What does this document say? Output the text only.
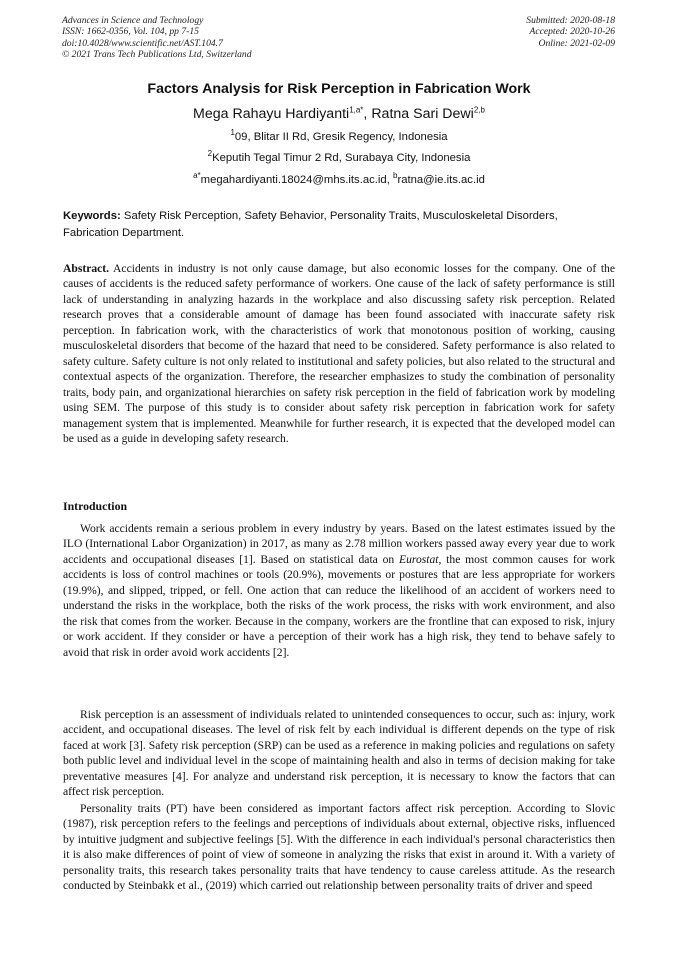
Advances in Science and Technology
ISSN: 1662-0356, Vol. 104, pp 7-15
doi:10.4028/www.scientific.net/AST.104.7
© 2021 Trans Tech Publications Ltd, Switzerland
Submitted: 2020-08-18
Accepted: 2020-10-26
Online: 2021-02-09
Factors Analysis for Risk Perception in Fabrication Work
Mega Rahayu Hardiyanti$^{1,a*}$, Ratna Sari Dewi$^{2,b}$
$^1$09, Blitar II Rd, Gresik Regency, Indonesia
$^2$Keputih Tegal Timur 2 Rd, Surabaya City, Indonesia
$^{a*}$megahardiyanti.18024@mhs.its.ac.id, $^b$ratna@ie.its.ac.id
Keywords: Safety Risk Perception, Safety Behavior, Personality Traits, Musculoskeletal Disorders, Fabrication Department.
Abstract. Accidents in industry is not only cause damage, but also economic losses for the company. One of the causes of accidents is the reduced safety performance of workers. One cause of the lack of safety performance is still lack of understanding in analyzing hazards in the workplace and also discussing safety risk perception. Related research proves that a considerable amount of damage has been found associated with inaccurate safety risk perception. In fabrication work, with the characteristics of work that monotonous position of working, causing musculoskeletal disorders that become of the hazard that need to be considered. Safety performance is also related to safety culture. Safety culture is not only related to institutional and safety policies, but also related to the structural and contextual aspects of the organization. Therefore, the researcher emphasizes to study the combination of personality traits, body pain, and organizational hierarchies on safety risk perception in the field of fabrication work by modeling using SEM. The purpose of this study is to consider about safety risk perception in fabrication work for safety management system that is implemented. Meanwhile for further research, it is expected that the developed model can be used as a guide in developing safety research.
Introduction
Work accidents remain a serious problem in every industry by years. Based on the latest estimates issued by the ILO (International Labor Organization) in 2017, as many as 2.78 million workers passed away every year due to work accidents and occupational diseases [1]. Based on statistical data on Eurostat, the most common causes for work accidents is loss of control machines or tools (20.9%), movements or postures that are less appropriate for workers (19.9%), and slipped, tripped, or fell. One action that can reduce the likelihood of an accident of workers need to understand the risks in the workplace, both the risks of the work process, the risks with work environment, and also the risk that comes from the worker. Because in the company, workers are the frontline that can exposed to risk, injury or work accident. If they consider or have a perception of their work has a high risk, they tend to behave safely to avoid that risk in order avoid work accidents [2].
Risk perception is an assessment of individuals related to unintended consequences to occur, such as: injury, work accident, and occupational diseases. The level of risk felt by each individual is different depends on the type of risk faced at work [3]. Safety risk perception (SRP) can be used as a reference in making policies and regulations on safety both public level and individual level in the scope of maintaining health and also in terms of decision making for take preventative measures [4]. For analyze and understand risk perception, it is necessary to know the factors that can affect risk perception.
Personality traits (PT) have been considered as important factors affect risk perception. According to Slovic (1987), risk perception refers to the feelings and perceptions of individuals about external, objective risks, influenced by intuitive judgment and subjective feelings [5]. With the difference in each individual's personal characteristics then it is also make differences of point of view of someone in analyzing the risks that exist in around it. With a variety of personality traits, this research takes personality traits that have tendency to cause careless attitude. As the research conducted by Steinbakk et al., (2019) which carried out relationship between personality traits of driver and speed
